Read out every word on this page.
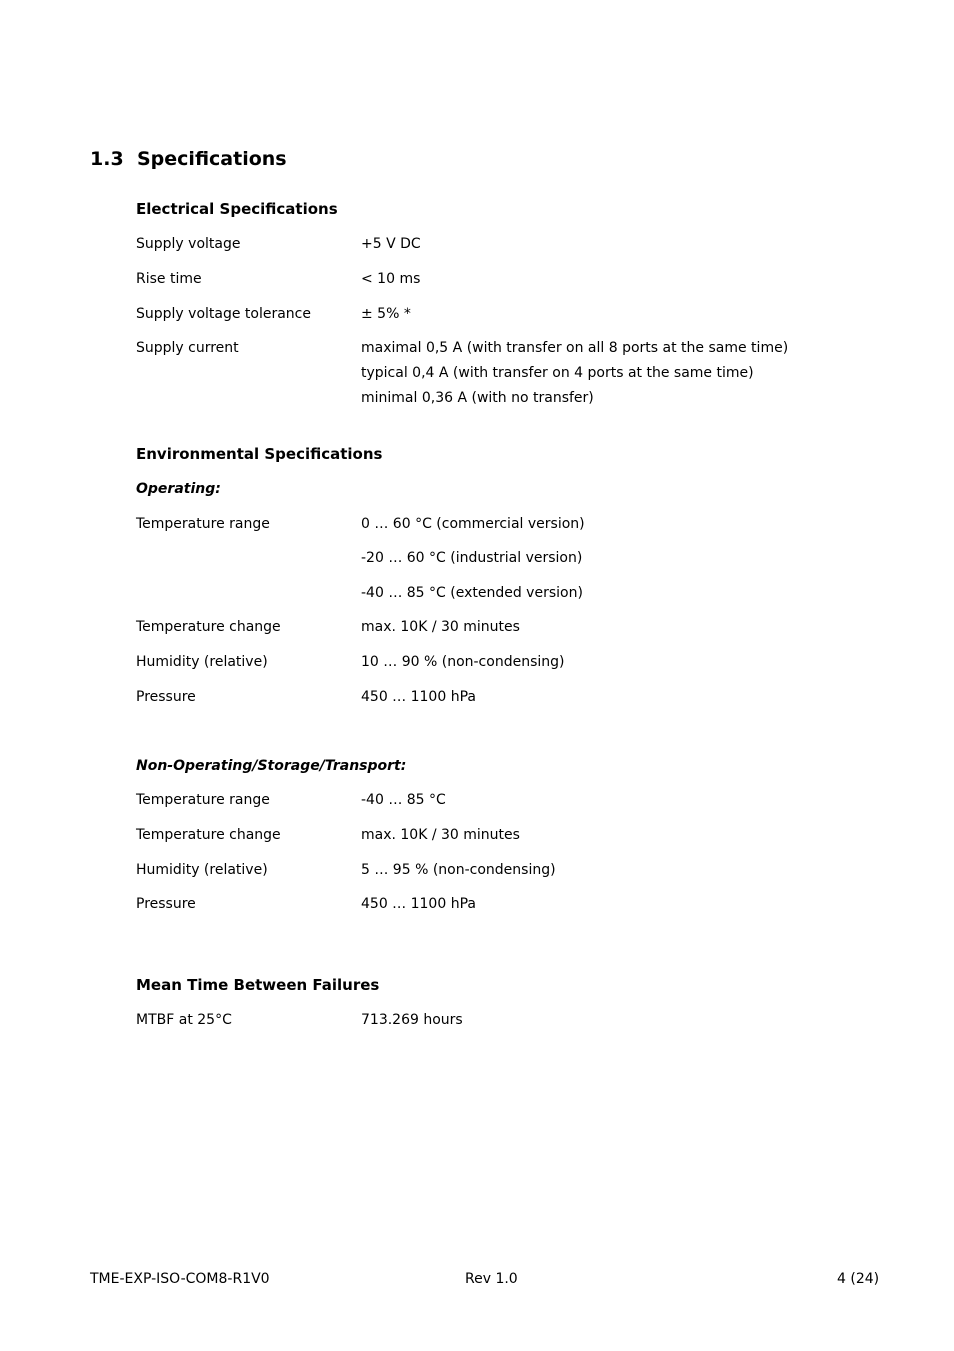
1.3 Specifications
Electrical Specifications
Supply voltage	+5 V DC
Rise time	< 10 ms
Supply voltage tolerance	± 5% *
Supply current	maximal 0,5 A (with transfer on all 8 ports at the same time)
typical 0,4 A (with transfer on 4 ports at the same time)
minimal 0,36 A (with no transfer)
Environmental Specifications
Operating:
Temperature range	0 … 60 °C (commercial version)
-20 … 60 °C (industrial version)
-40 … 85 °C (extended version)
Temperature change	max. 10K / 30 minutes
Humidity (relative)	10 … 90 % (non-condensing)
Pressure	450 … 1100 hPa
Non-Operating/Storage/Transport:
Temperature range	-40 … 85 °C
Temperature change	max. 10K / 30 minutes
Humidity (relative)	5 … 95 % (non-condensing)
Pressure	450 … 1100 hPa
Mean Time Between Failures
MTBF at 25°C	713.269 hours
TME-EXP-ISO-COM8-R1V0	Rev 1.0	4 (24)
